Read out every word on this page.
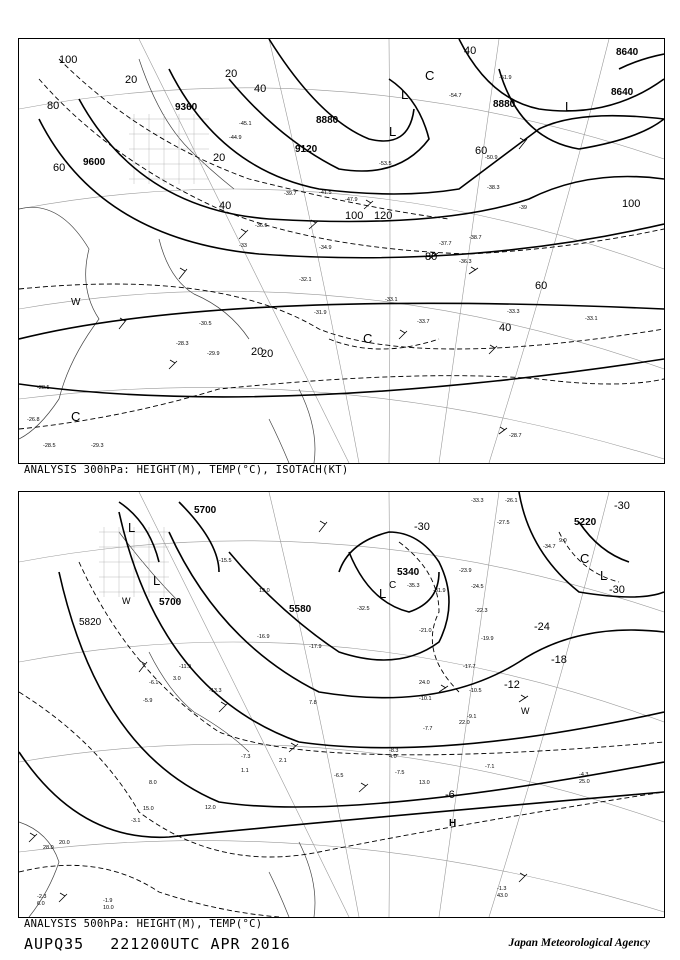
9600
9360
9120
8880
8880
8640
8640
100
80
60
40
20	20
20
40
20
120
100
80
60
40
20
40
100
60
L
L
L
W
C
C
C
-33	-34.9
-36.3
-37.7
-38.7
-39
-31.9
-33.1
-32.1
-30.5
-28.3
-29.9
-28.5
-26.8
-28.5	-29.3
-28.7
-33.3
-33.7	-33.1
-38.3
-50.9
-54.7
-53.5
-47.9
-45.1
-44.9
-39.7
-36.5
-41.5
-51.9
ANALYSIS 300hPa: HEIGHT(M), TEMP(°C), ISOTACH(KT)
5700
5700
5820
5580
5340
5220
-30
-30
-24
-18
-12
-6
-30
L
L
L
W
W
C
H
L
C
-23.9
-24.5
-22.3
-19.9
-17.7
-10.5
-9.1
-7.7
-8.3
-7.5
-7.1
-6.5	-4.3
-3.1
-2.3
-1.9
-1.3
-5.9
-6.1
-7.3
-10.1
-11.9
-13.3
-16.9
-17.9
-15.5
-21.0
-27.5
-33.3	-26.1
-35.3
-32.5
-31.9
-34.7
15.0	12.0
20.0
22.0
25.0
43.0
6.0
28.0
10.0
8.0
4.0
2.1
1.1
7.8
9.0
24.0
19.0
13.0
3.0
ANALYSIS 500hPa: HEIGHT(M), TEMP(°C)
AUPQ35 221200UTC APR 2016	Japan Meteorological Agency
